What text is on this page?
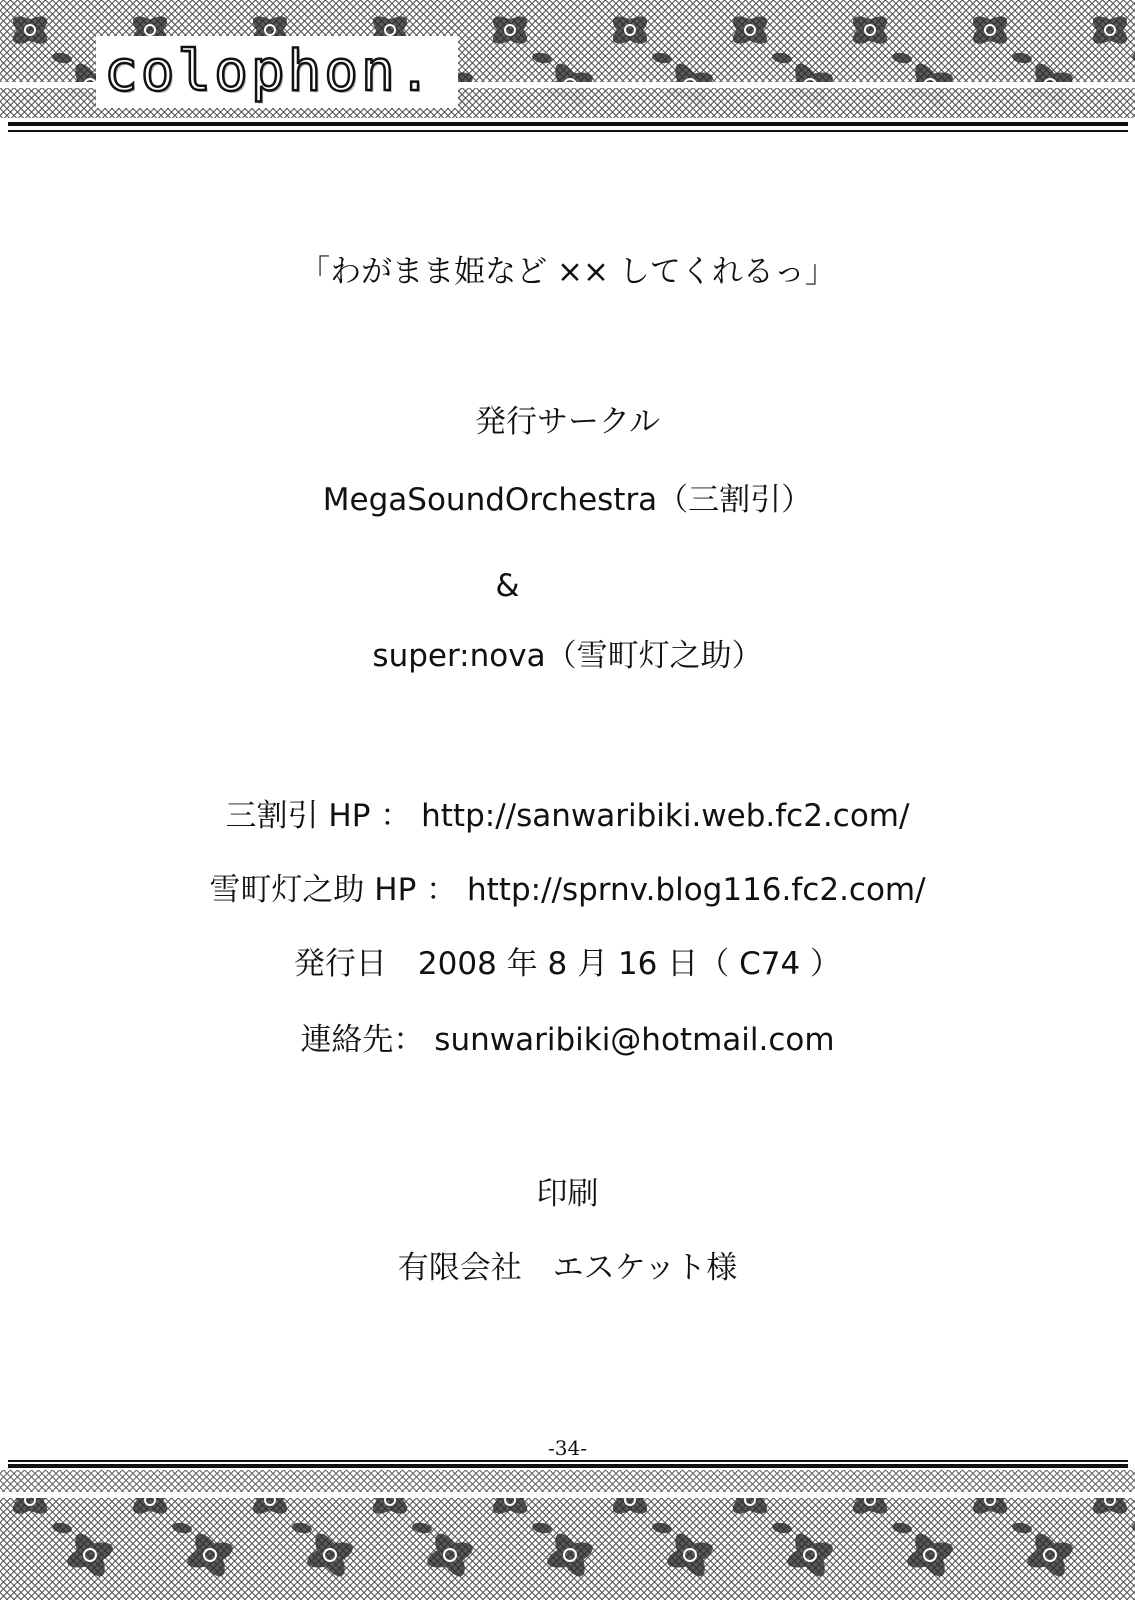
colophon.
「わがまま姫など ×× してくれるっ」
発行サークル
MegaSoundOrchestra（三割引）
&
super:nova（雪町灯之助）
三割引 HP ： http://sanwaribiki.web.fc2.com/
雪町灯之助 HP ： http://sprnv.blog116.fc2.com/
発行日　2008 年 8 月 16 日（ C74 ）
連絡先： sunwaribiki@hotmail.com
印刷
有限会社　エスケット様
-34-
